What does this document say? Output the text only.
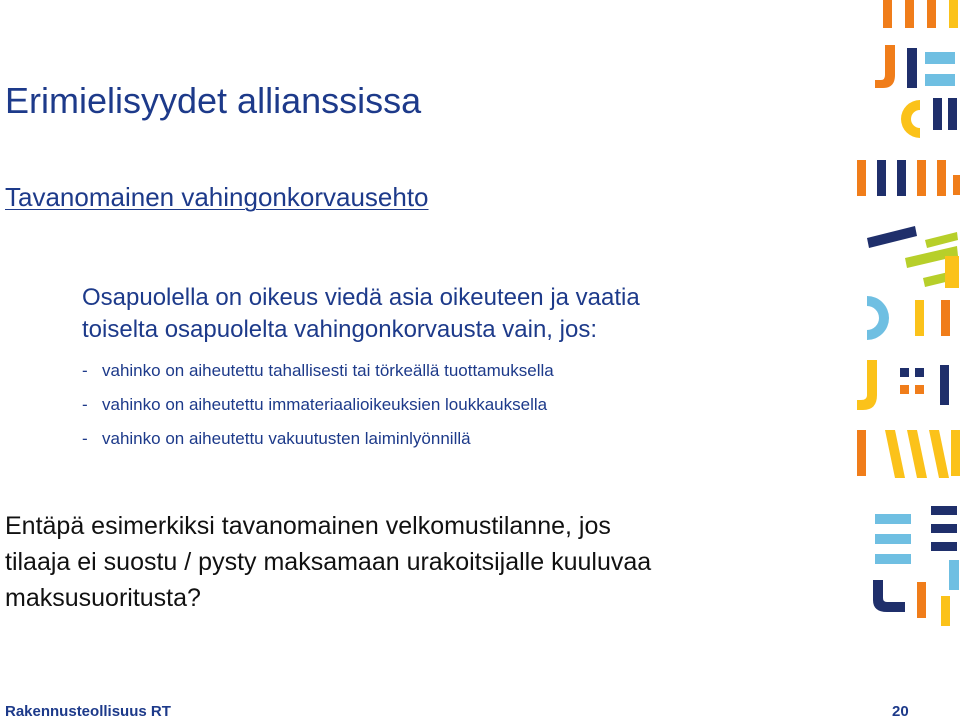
Erimielisyydet allianssissa
Tavanomainen vahingonkorvausehto
Osapuolella on oikeus viedä asia oikeuteen ja vaatia
toiselta osapuolelta vahingonkorvausta vain, jos:
- vahinko on aiheutettu tahallisesti tai törkeällä tuottamuksella
- vahinko on aiheutettu immateriaalioikeuksien loukkauksella
- vahinko on aiheutettu vakuutusten laiminlyönnillä
Entäpä esimerkiksi tavanomainen velkomustilanne, jos
tilaaja ei suostu / pysty maksamaan urakoitsijalle kuuluvaa
maksusuoritusta?
Rakennusteollisuus RT	20
